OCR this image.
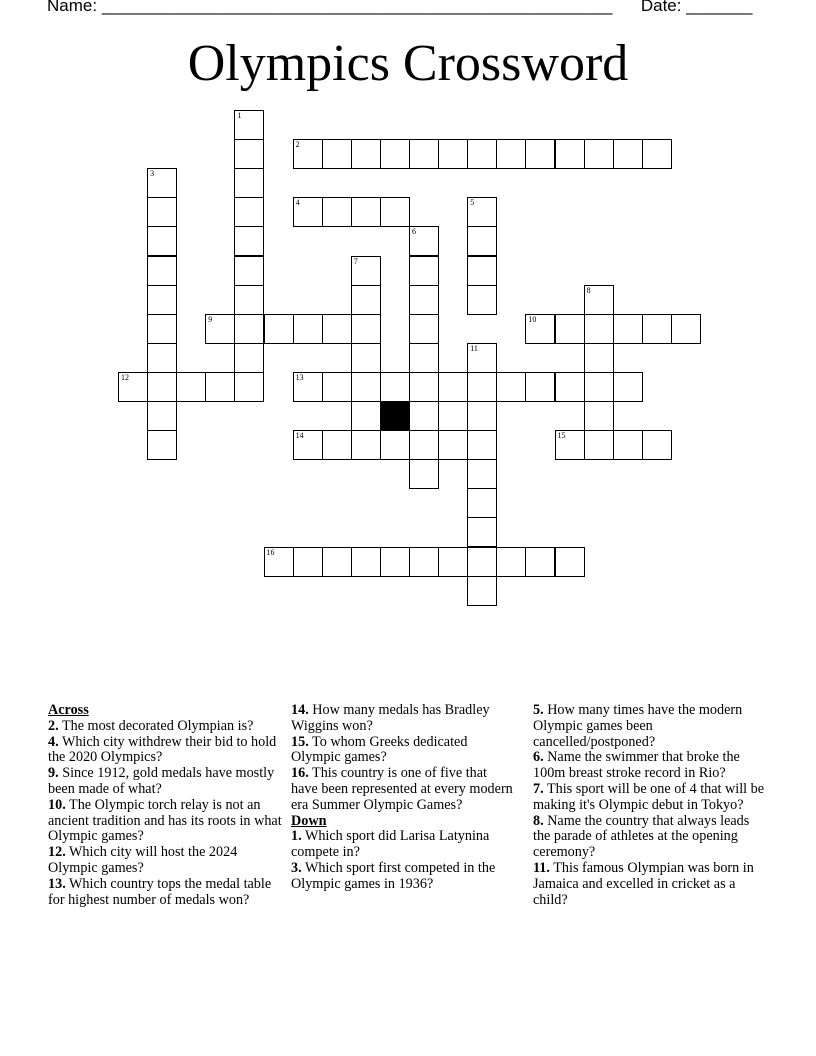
Name: ______________________________________________________ Date: _______
Olympics Crossword
1
2
3
4	5
6
7
8
9	10
11
12	13
14	15
16
Across
2. The most decorated Olympian is?
4. Which city withdrew their bid to hold the 2020 Olympics?
9. Since 1912, gold medals have mostly been made of what?
10. The Olympic torch relay is not an ancient tradition and has its roots in what Olympic games?
12. Which city will host the 2024 Olympic games?
13. Which country tops the medal table for highest number of medals won?
14. How many medals has Bradley Wiggins won?
15. To whom Greeks dedicated Olympic games?
16. This country is one of five that have been represented at every modern era Summer Olympic Games?
Down
1. Which sport did Larisa Latynina compete in?
3. Which sport first competed in the Olympic games in 1936?
5. How many times have the modern Olympic games been cancelled/postponed?
6. Name the swimmer that broke the 100m breast stroke record in Rio?
7. This sport will be one of 4 that will be making it's Olympic debut in Tokyo?
8. Name the country that always leads the parade of athletes at the opening ceremony?
11. This famous Olympian was born in Jamaica and excelled in cricket as a child?
